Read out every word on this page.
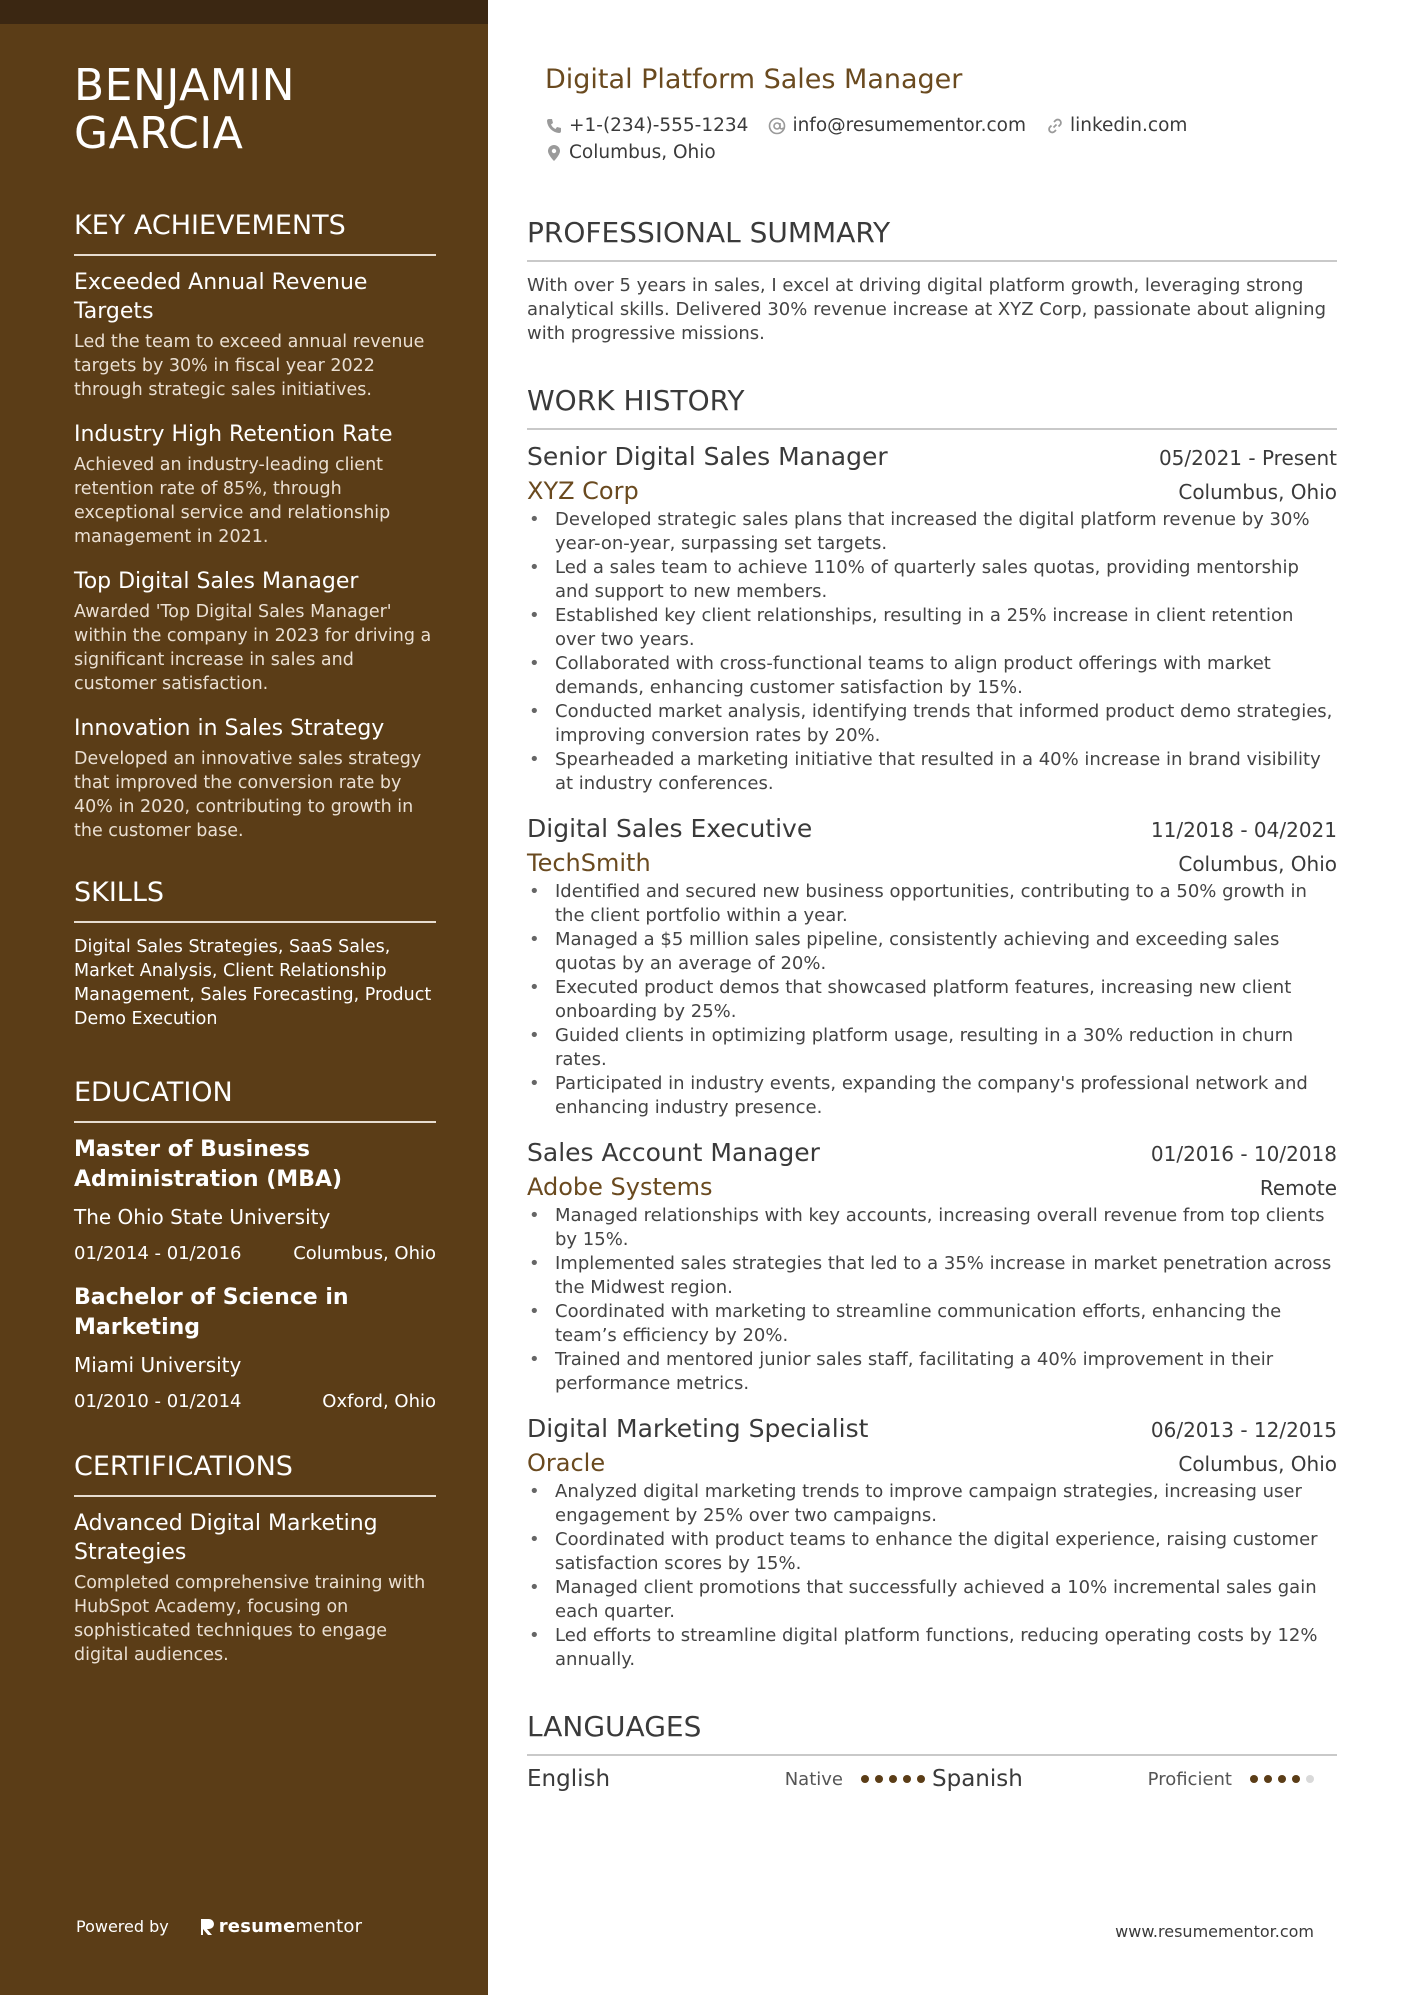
BENJAMIN
GARCIA
KEY ACHIEVEMENTS
Exceeded Annual Revenue Targets
Led the team to exceed annual revenue targets by 30% in fiscal year 2022 through strategic sales initiatives.
Industry High Retention Rate
Achieved an industry-leading client retention rate of 85%, through exceptional service and relationship management in 2021.
Top Digital Sales Manager
Awarded 'Top Digital Sales Manager' within the company in 2023 for driving a significant increase in sales and customer satisfaction.
Innovation in Sales Strategy
Developed an innovative sales strategy that improved the conversion rate by 40% in 2020, contributing to growth in the customer base.
SKILLS
Digital Sales Strategies, SaaS Sales, Market Analysis, Client Relationship Management, Sales Forecasting, Product Demo Execution
EDUCATION
Master of Business Administration (MBA)
The Ohio State University
01/2014 - 01/2016	Columbus, Ohio
Bachelor of Science in Marketing
Miami University
01/2010 - 01/2014	Oxford, Ohio
CERTIFICATIONS
Advanced Digital Marketing Strategies
Completed comprehensive training with HubSpot Academy, focusing on sophisticated techniques to engage digital audiences.
Powered by	resume mentor
Digital Platform Sales Manager
+1-(234)-555-1234 info@resumementor.com linkedin.com
Columbus, Ohio
PROFESSIONAL SUMMARY
With over 5 years in sales, I excel at driving digital platform growth, leveraging strong analytical skills. Delivered 30% revenue increase at XYZ Corp, passionate about aligning with progressive missions.
WORK HISTORY
Senior Digital Sales Manager	05/2021 - Present
XYZ Corp	Columbus, Ohio
• Developed strategic sales plans that increased the digital platform revenue by 30% year-on-year, surpassing set targets.
• Led a sales team to achieve 110% of quarterly sales quotas, providing mentorship and support to new members.
• Established key client relationships, resulting in a 25% increase in client retention over two years.
• Collaborated with cross-functional teams to align product offerings with market demands, enhancing customer satisfaction by 15%.
• Conducted market analysis, identifying trends that informed product demo strategies, improving conversion rates by 20%.
• Spearheaded a marketing initiative that resulted in a 40% increase in brand visibility at industry conferences.
Digital Sales Executive	11/2018 - 04/2021
TechSmith	Columbus, Ohio
• Identified and secured new business opportunities, contributing to a 50% growth in the client portfolio within a year.
• Managed a $5 million sales pipeline, consistently achieving and exceeding sales quotas by an average of 20%.
• Executed product demos that showcased platform features, increasing new client onboarding by 25%.
• Guided clients in optimizing platform usage, resulting in a 30% reduction in churn rates.
• Participated in industry events, expanding the company's professional network and enhancing industry presence.
Sales Account Manager	01/2016 - 10/2018
Adobe Systems	Remote
• Managed relationships with key accounts, increasing overall revenue from top clients by 15%.
• Implemented sales strategies that led to a 35% increase in market penetration across the Midwest region.
• Coordinated with marketing to streamline communication efforts, enhancing the team’s efficiency by 20%.
• Trained and mentored junior sales staff, facilitating a 40% improvement in their performance metrics.
Digital Marketing Specialist	06/2013 - 12/2015
Oracle	Columbus, Ohio
• Analyzed digital marketing trends to improve campaign strategies, increasing user engagement by 25% over two campaigns.
• Coordinated with product teams to enhance the digital experience, raising customer satisfaction scores by 15%.
• Managed client promotions that successfully achieved a 10% incremental sales gain each quarter.
• Led efforts to streamline digital platform functions, reducing operating costs by 12% annually.
LANGUAGES
English	Native	Spanish	Proficient
www.resumementor.com
